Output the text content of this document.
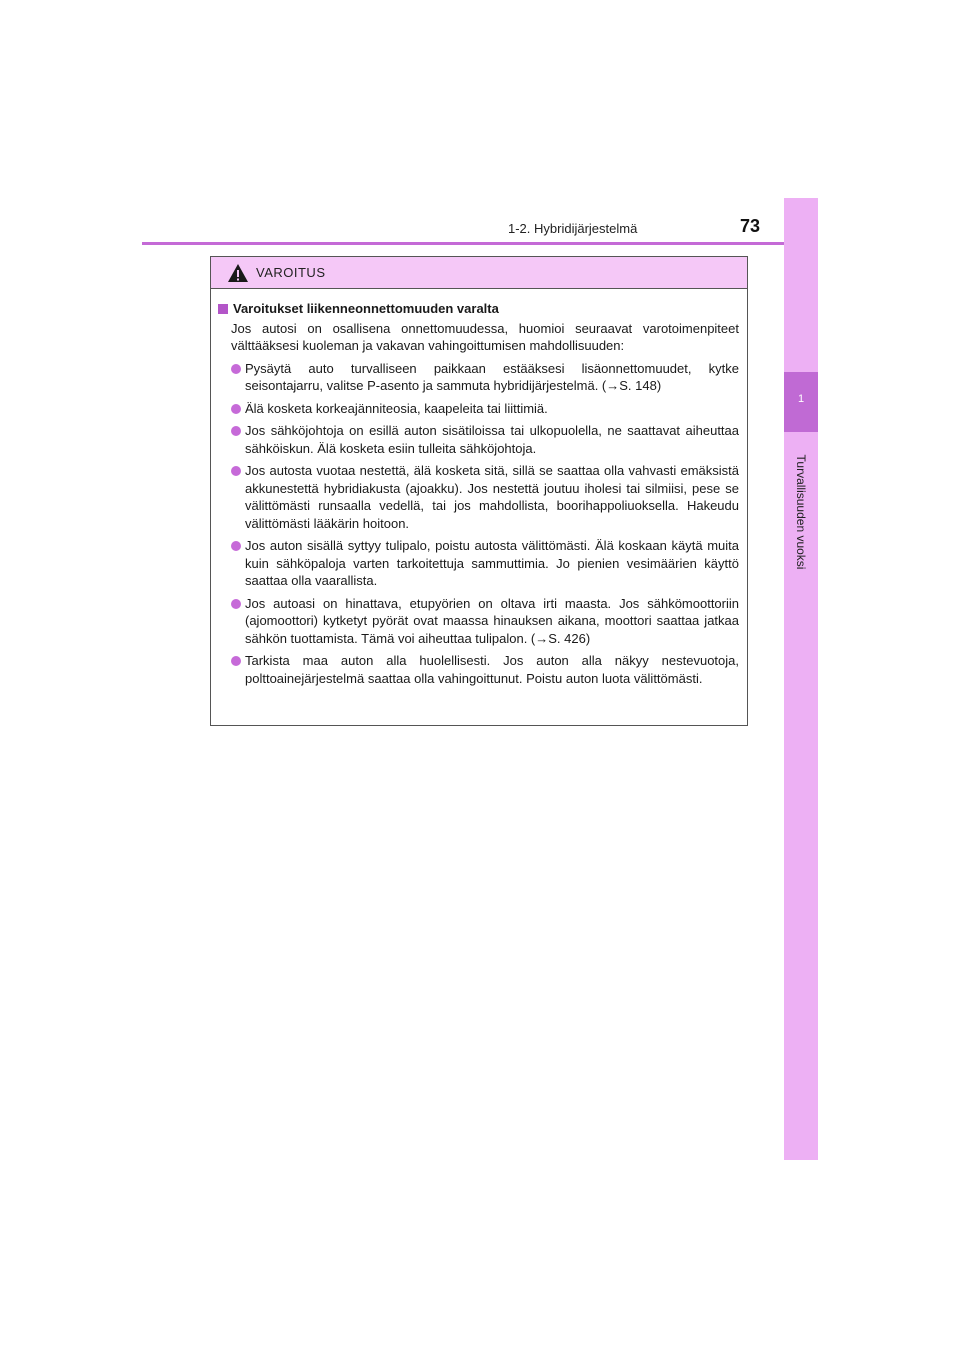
1-2. Hybridijärjestelmä	73
1
Turvallisuuden vuoksi
VAROITUS
Varoitukset liikenneonnettomuuden varalta
Jos autosi on osallisena onnettomuudessa, huomioi seuraavat varotoimenpiteet välttääksesi kuoleman ja vakavan vahingoittumisen mahdollisuuden:
Pysäytä auto turvalliseen paikkaan estääksesi lisäonnettomuudet, kytke seisontajarru, valitse P-asento ja sammuta hybridijärjestelmä. (→S. 148)
Älä kosketa korkeajänniteosia, kaapeleita tai liittimiä.
Jos sähköjohtoja on esillä auton sisätiloissa tai ulkopuolella, ne saattavat aiheuttaa sähköiskun. Älä kosketa esiin tulleita sähköjohtoja.
Jos autosta vuotaa nestettä, älä kosketa sitä, sillä se saattaa olla vahvasti emäksistä akkunestettä hybridiakusta (ajoakku). Jos nestettä joutuu iholesi tai silmiisi, pese se välittömästi runsaalla vedellä, tai jos mahdollista, boorihappoliuoksella. Hakeudu välittömästi lääkärin hoitoon.
Jos auton sisällä syttyy tulipalo, poistu autosta välittömästi. Älä koskaan käytä muita kuin sähköpaloja varten tarkoitettuja sammuttimia. Jo pienien vesimäärien käyttö saattaa olla vaarallista.
Jos autoasi on hinattava, etupyörien on oltava irti maasta. Jos sähkömoottoriin (ajomoottori) kytketyt pyörät ovat maassa hinauksen aikana, moottori saattaa jatkaa sähkön tuottamista. Tämä voi aiheuttaa tulipalon. (→S. 426)
Tarkista maa auton alla huolellisesti. Jos auton alla näkyy nestevuotoja, polttoainejärjestelmä saattaa olla vahingoittunut. Poistu auton luota välittömästi.
